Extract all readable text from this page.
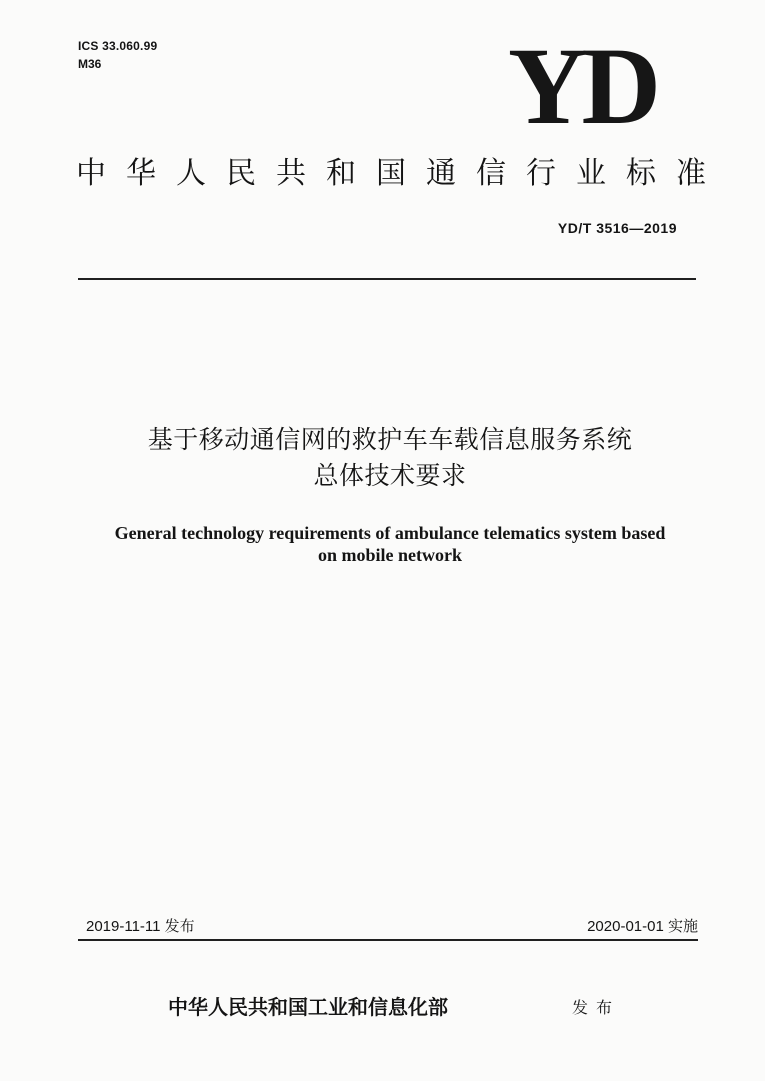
ICS 33.060.99
M36	YD
中华人民共和国通信行业标准
YD/T 3516—2019
基于移动通信网的救护车车载信息服务系统
总体技术要求
General technology requirements of ambulance telematics system based
on mobile network
2019-11-11 发布	2020-01-01 实施
中华人民共和国工业和信息化部	发布
